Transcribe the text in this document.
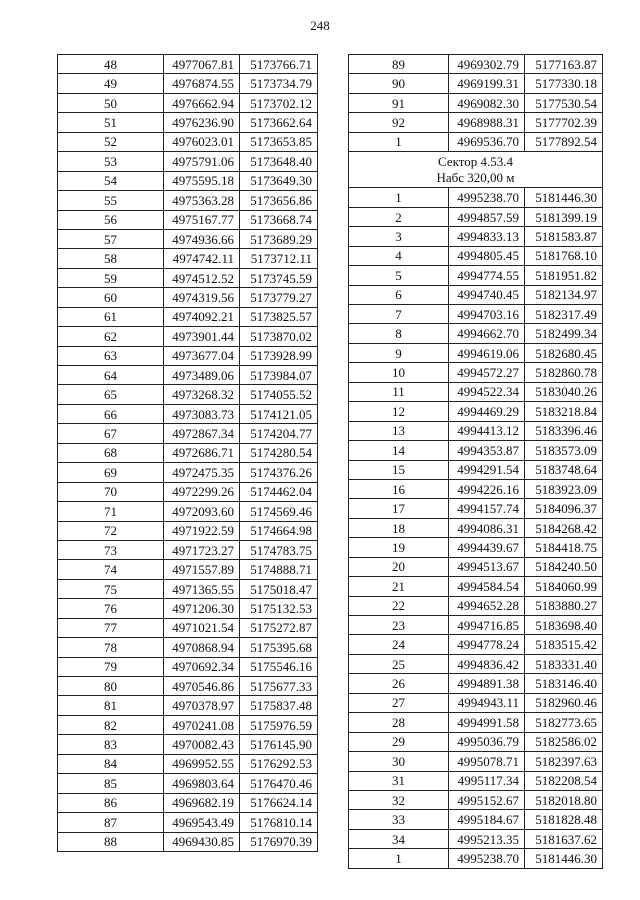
248
48	4977067.81	5173766.71
49	4976874.55	5173734.79
50	4976662.94	5173702.12
51	4976236.90	5173662.64
52	4976023.01	5173653.85
53	4975791.06	5173648.40
54	4975595.18	5173649.30
55	4975363.28	5173656.86
56	4975167.77	5173668.74
57	4974936.66	5173689.29
58	4974742.11	5173712.11
59	4974512.52	5173745.59
60	4974319.56	5173779.27
61	4974092.21	5173825.57
62	4973901.44	5173870.02
63	4973677.04	5173928.99
64	4973489.06	5173984.07
65	4973268.32	5174055.52
66	4973083.73	5174121.05
67	4972867.34	5174204.77
68	4972686.71	5174280.54
69	4972475.35	5174376.26
70	4972299.26	5174462.04
71	4972093.60	5174569.46
72	4971922.59	5174664.98
73	4971723.27	5174783.75
74	4971557.89	5174888.71
75	4971365.55	5175018.47
76	4971206.30	5175132.53
77	4971021.54	5175272.87
78	4970868.94	5175395.68
79	4970692.34	5175546.16
80	4970546.86	5175677.33
81	4970378.97	5175837.48
82	4970241.08	5175976.59
83	4970082.43	5176145.90
84	4969952.55	5176292.53
85	4969803.64	5176470.46
86	4969682.19	5176624.14
87	4969543.49	5176810.14
88	4969430.85	5176970.39
89	4969302.79	5177163.87
90	4969199.31	5177330.18
91	4969082.30	5177530.54
92	4968988.31	5177702.39
1	4969536.70	5177892.54

Сектор 4.53.4
Набс 320,00 м		

1	4995238.70	5181446.30
2	4994857.59	5181399.19
3	4994833.13	5181583.87
4	4994805.45	5181768.10
5	4994774.55	5181951.82
6	4994740.45	5182134.97
7	4994703.16	5182317.49
8	4994662.70	5182499.34
9	4994619.06	5182680.45
10	4994572.27	5182860.78
11	4994522.34	5183040.26
12	4994469.29	5183218.84
13	4994413.12	5183396.46
14	4994353.87	5183573.09
15	4994291.54	5183748.64
16	4994226.16	5183923.09
17	4994157.74	5184096.37
18	4994086.31	5184268.42
19	4994439.67	5184418.75
20	4994513.67	5184240.50
21	4994584.54	5184060.99
22	4994652.28	5183880.27
23	4994716.85	5183698.40
24	4994778.24	5183515.42
25	4994836.42	5183331.40
26	4994891.38	5183146.40
27	4994943.11	5182960.46
28	4994991.58	5182773.65
29	4995036.79	5182586.02
30	4995078.71	5182397.63
31	4995117.34	5182208.54
32	4995152.67	5182018.80
33	4995184.67	5181828.48
34	4995213.35	5181637.62
1	4995238.70	5181446.30
